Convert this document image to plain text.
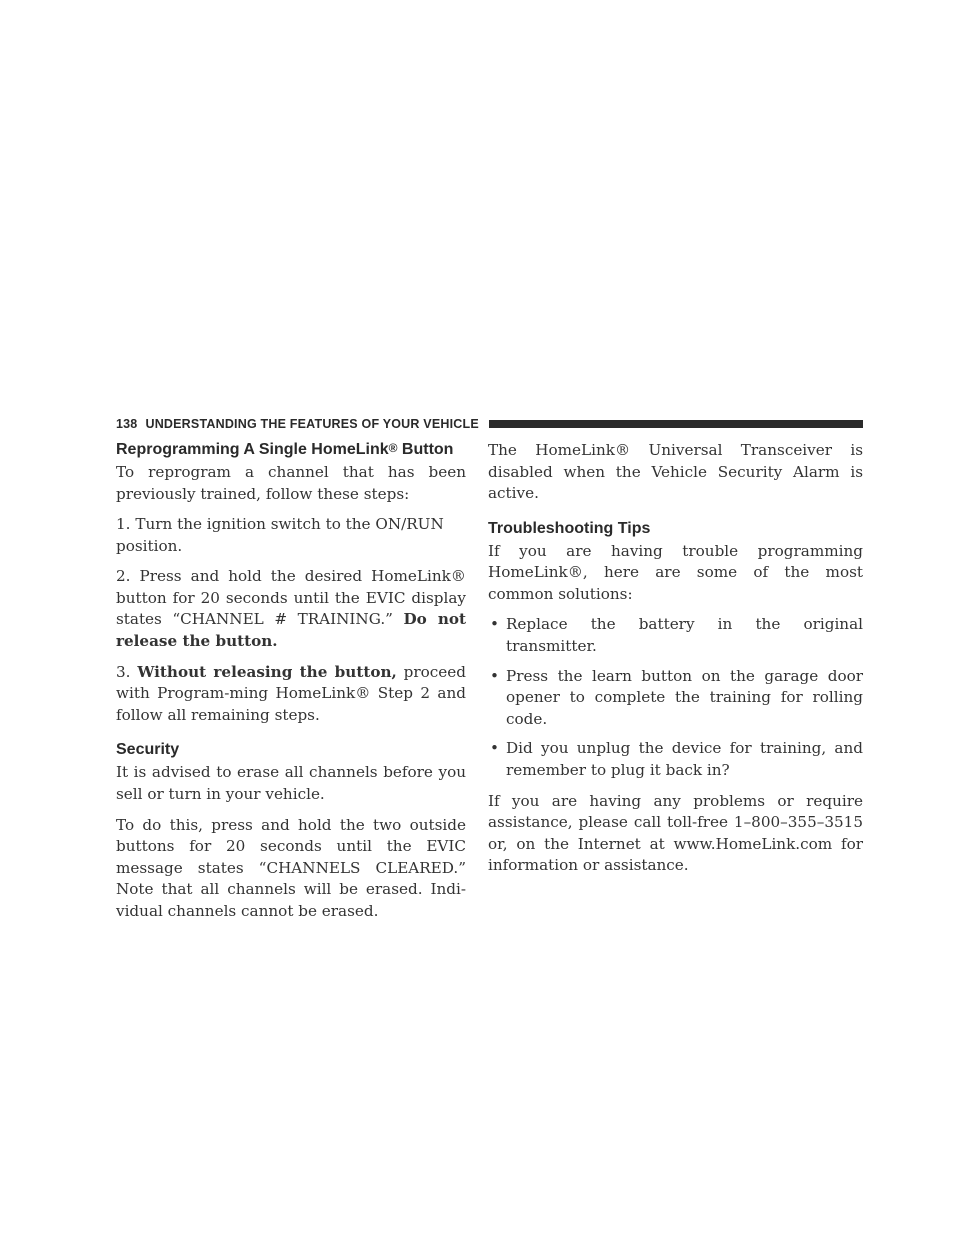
138 UNDERSTANDING THE FEATURES OF YOUR VEHICLE
Reprogramming A Single HomeLink® Button

To reprogram a channel that has been previously trained, follow these steps:

1. Turn the ignition switch to the ON/RUN position.

2. Press and hold the desired HomeLink® button for 20 seconds until the EVIC display states “CHANNEL # TRAINING.” Do not release the button.

3. Without releasing the button, proceed with Program-ming HomeLink® Step 2 and follow all remaining steps.

Security

It is advised to erase all channels before you sell or turn in your vehicle.

To do this, press and hold the two outside buttons for 20 seconds until the EVIC message states “CHANNELS CLEARED.” Note that all channels will be erased. Indi-vidual channels cannot be erased.

The HomeLink® Universal Transceiver is disabled when the Vehicle Security Alarm is active.

Troubleshooting Tips

If you are having trouble programming HomeLink®, here are some of the most common solutions:

• Replace the battery in the original transmitter.
• Press the learn button on the garage door opener to complete the training for rolling code.
• Did you unplug the device for training, and remember to plug it back in?

If you are having any problems or require assistance, please call toll-free 1–800–355–3515 or, on the Internet at www.HomeLink.com for information or assistance.
